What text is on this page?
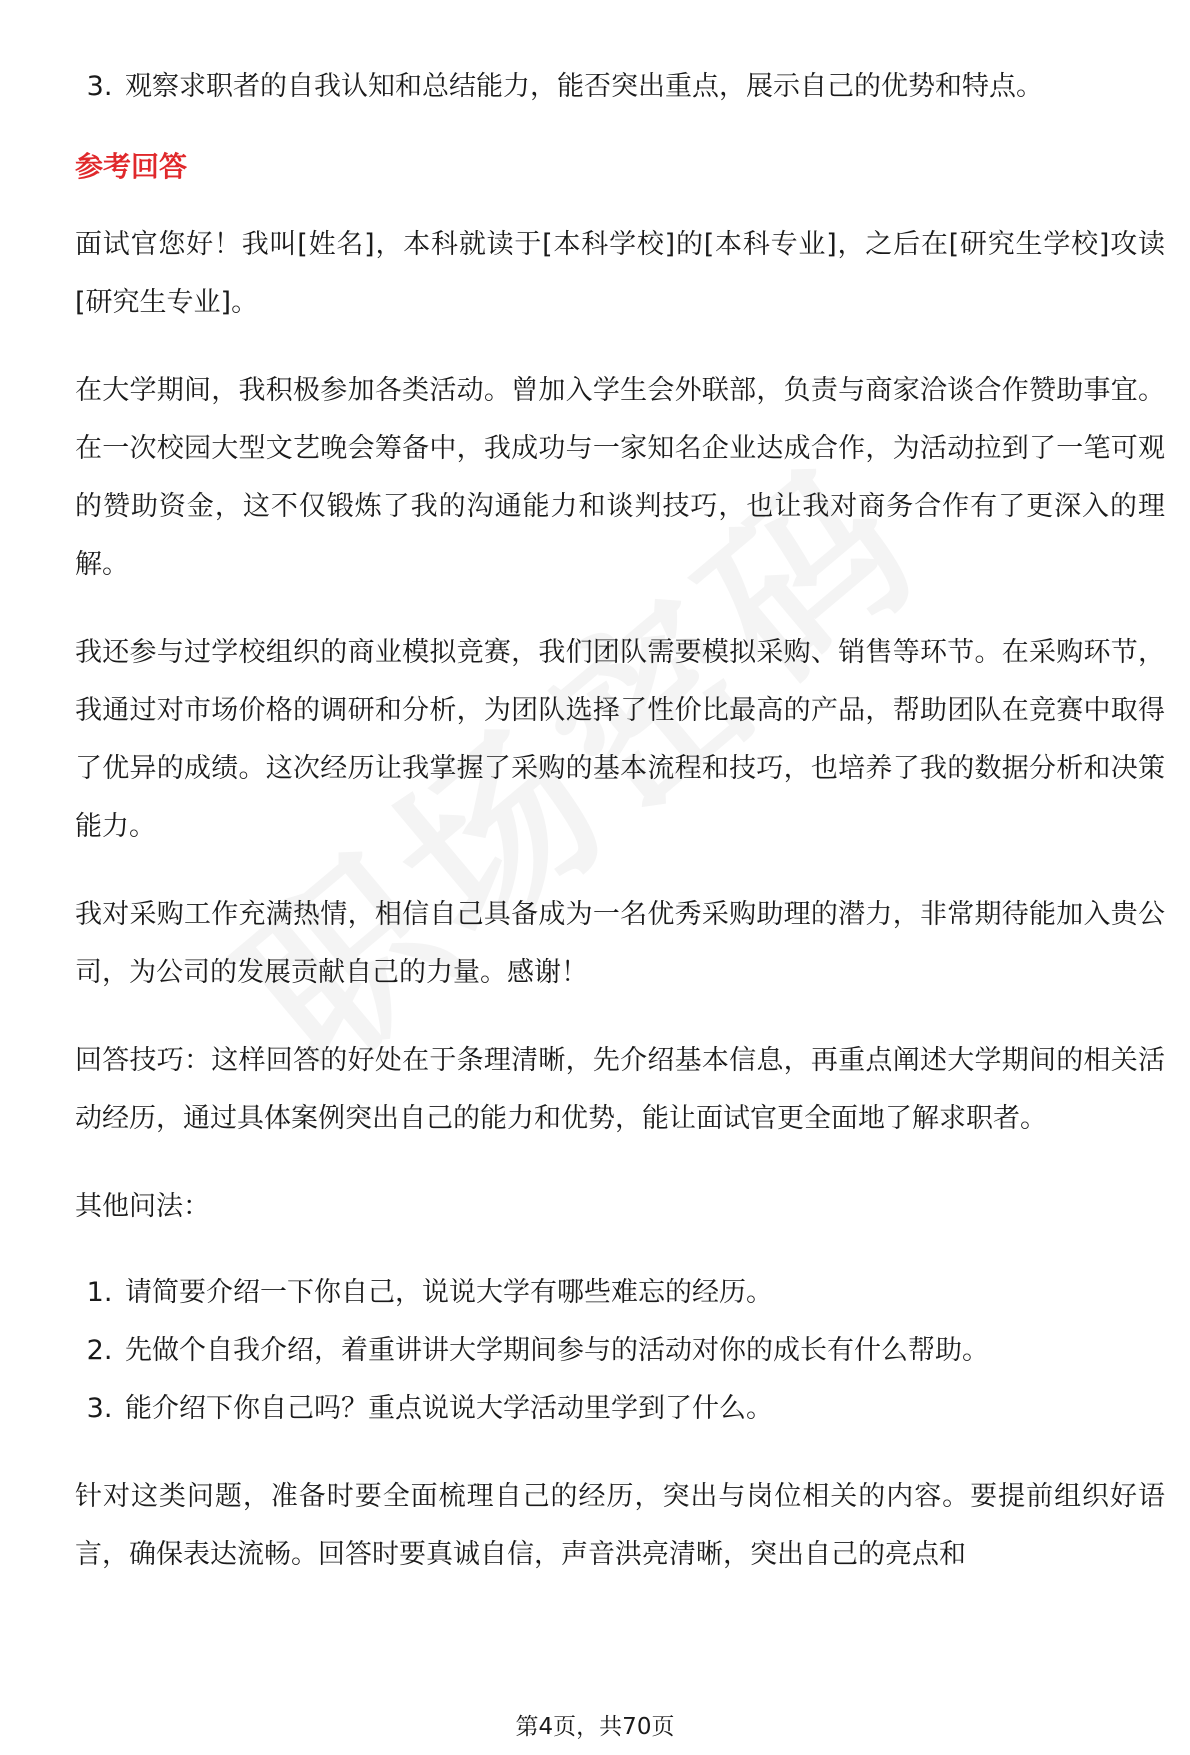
3. 观察求职者的自我认知和总结能力，能否突出重点，展示自己的优势和特点。
参考回答

面试官您好！我叫[姓名]，本科就读于[本科学校]的[本科专业]，之后在[研究生学校]攻读[研究生专业]。

在大学期间，我积极参加各类活动。曾加入学生会外联部，负责与商家洽谈合作赞助事宜。在一次校园大型文艺晚会筹备中，我成功与一家知名企业达成合作，为活动拉到了一笔可观的赞助资金，这不仅锻炼了我的沟通能力和谈判技巧，也让我对商务合作有了更深入的理解。

我还参与过学校组织的商业模拟竞赛，我们团队需要模拟采购、销售等环节。在采购环节，我通过对市场价格的调研和分析，为团队选择了性价比最高的产品，帮助团队在竞赛中取得了优异的成绩。这次经历让我掌握了采购的基本流程和技巧，也培养了我的数据分析和决策能力。

我对采购工作充满热情，相信自己具备成为一名优秀采购助理的潜力，非常期待能加入贵公司，为公司的发展贡献自己的力量。感谢！

回答技巧：这样回答的好处在于条理清晰，先介绍基本信息，再重点阐述大学期间的相关活动经历，通过具体案例突出自己的能力和优势，能让面试官更全面地了解求职者。

其他问法：

1. 请简要介绍一下你自己，说说大学有哪些难忘的经历。
2. 先做个自我介绍，着重讲讲大学期间参与的活动对你的成长有什么帮助。
3. 能介绍下你自己吗？重点说说大学活动里学到了什么。

针对这类问题，准备时要全面梳理自己的经历，突出与岗位相关的内容。要提前组织好语言，确保表达流畅。回答时要真诚自信，声音洪亮清晰，突出自己的亮点和

第4页，共70页
